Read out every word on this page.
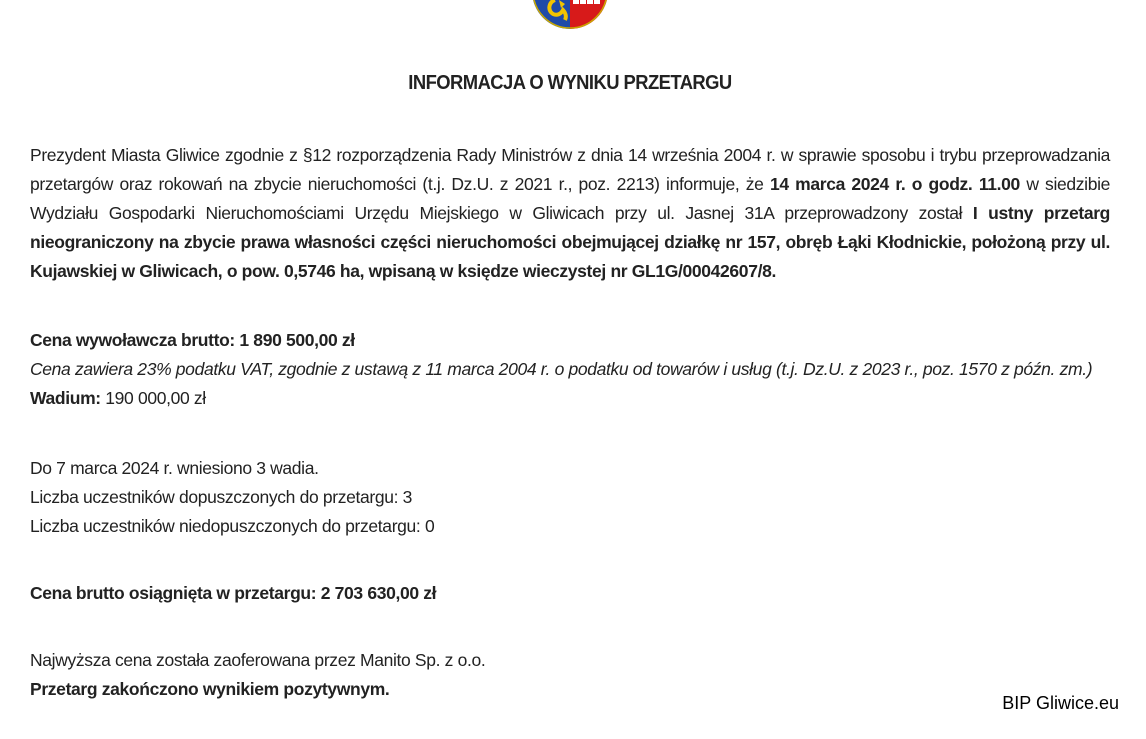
INFORMACJA O WYNIKU PRZETARGU

Prezydent Miasta Gliwice zgodnie z §12 rozporządzenia Rady Ministrów z dnia 14 września 2004 r. w sprawie sposobu i trybu przeprowadzania przetargów oraz rokowań na zbycie nieruchomości (t.j. Dz.U. z 2021 r., poz. 2213) informuje, że 14 marca 2024 r. o godz. 11.00 w siedzibie Wydziału Gospodarki Nieruchomościami Urzędu Miejskiego w Gliwicach przy ul. Jasnej 31A przeprowadzony został I ustny przetarg nieograniczony na zbycie prawa własności części nieruchomości obejmującej działkę nr 157, obręb Łąki Kłodnickie, położoną przy ul. Kujawskiej w Gliwicach, o pow. 0,5746 ha, wpisaną w księdze wieczystej nr GL1G/00042607/8.

Cena wywoławcza brutto: 1 890 500,00 zł

Cena zawiera 23% podatku VAT, zgodnie z ustawą z 11 marca 2004 r. o podatku od towarów i usług (t.j. Dz.U. z 2023 r., poz. 1570 z późn. zm.)

Wadium: 190 000,00 zł
Do 7 marca 2024 r. wniesiono 3 wadia.
Liczba uczestników dopuszczonych do przetargu: 3
Liczba uczestników niedopuszczonych do przetargu: 0
Cena brutto osiągnięta w przetargu: 2 703 630,00 zł
Najwyższa cena została zaoferowana przez Manito Sp. z o.o.
Przetarg zakończono wynikiem pozytywnym.
BIP Gliwice.eu
